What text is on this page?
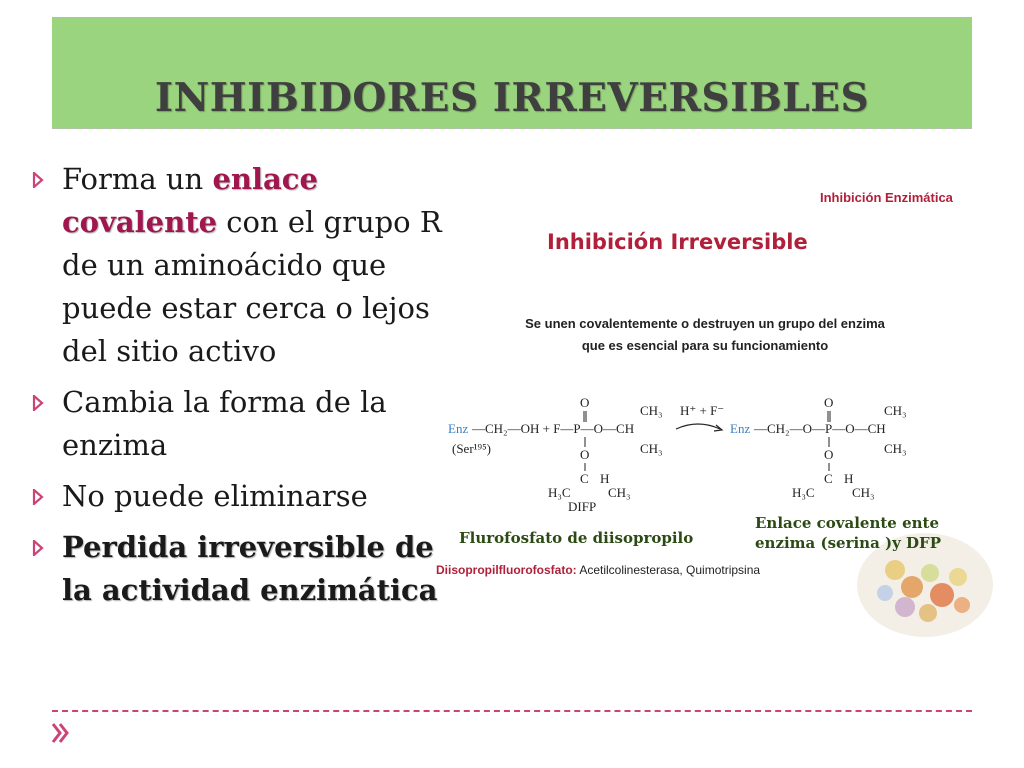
INHIBIDORES IRREVERSIBLES
Forma un enlace covalente con el grupo R de un aminoácido que puede estar cerca o lejos del sitio activo
Cambia la forma de la enzima
No puede eliminarse
Perdida irreversible de la actividad enzimática
Inhibición Enzimática
Inhibición Irreversible
Se unen covalentemente o destruyen un grupo del enzima
que es esencial para su funcionamiento
Enz —CH₂—OH + F—P—O—CH
(Ser¹⁹⁵)
O
O
C H
H₃C	CH₃
CH₃
CH₃
DIFP
H⁺ + F⁻
Enz —CH₂—O—P—O—CH
O
O
C H
H₃C	CH₃
CH₃
CH₃
Flurofosfato de diisopropilo
Enlace covalente ente enzima (serina )y DFP
Diisopropilfluorofosfato: Acetilcolinesterasa, Quimotripsina
